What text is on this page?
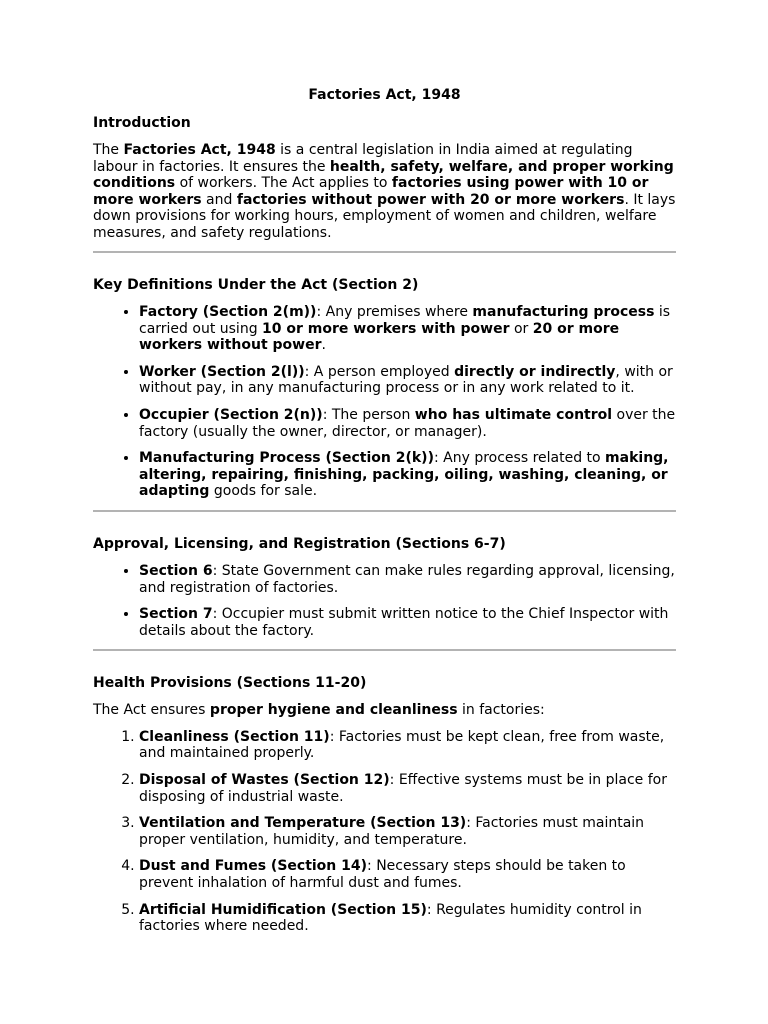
Factories Act, 1948
Introduction

The Factories Act, 1948 is a central legislation in India aimed at regulating labour in factories. It ensures the health, safety, welfare, and proper working conditions of workers. The Act applies to factories using power with 10 or more workers and factories without power with 20 or more workers. It lays down provisions for working hours, employment of women and children, welfare measures, and safety regulations.

Key Definitions Under the Act (Section 2)
• Factory (Section 2(m)): Any premises where manufacturing process is carried out using 10 or more workers with power or 20 or more workers without power.
• Worker (Section 2(l)): A person employed directly or indirectly, with or without pay, in any manufacturing process or in any work related to it.
• Occupier (Section 2(n)): The person who has ultimate control over the factory (usually the owner, director, or manager).
• Manufacturing Process (Section 2(k)): Any process related to making, altering, repairing, finishing, packing, oiling, washing, cleaning, or adapting goods for sale.
Approval, Licensing, and Registration (Sections 6-7)
• Section 6: State Government can make rules regarding approval, licensing, and registration of factories.
• Section 7: Occupier must submit written notice to the Chief Inspector with details about the factory.
Health Provisions (Sections 11-20)

The Act ensures proper hygiene and cleanliness in factories:

1. Cleanliness (Section 11): Factories must be kept clean, free from waste, and maintained properly.
2. Disposal of Wastes (Section 12): Effective systems must be in place for disposing of industrial waste.
3. Ventilation and Temperature (Section 13): Factories must maintain proper ventilation, humidity, and temperature.
4. Dust and Fumes (Section 14): Necessary steps should be taken to prevent inhalation of harmful dust and fumes.
5. Artificial Humidification (Section 15): Regulates humidity control in factories where needed.
